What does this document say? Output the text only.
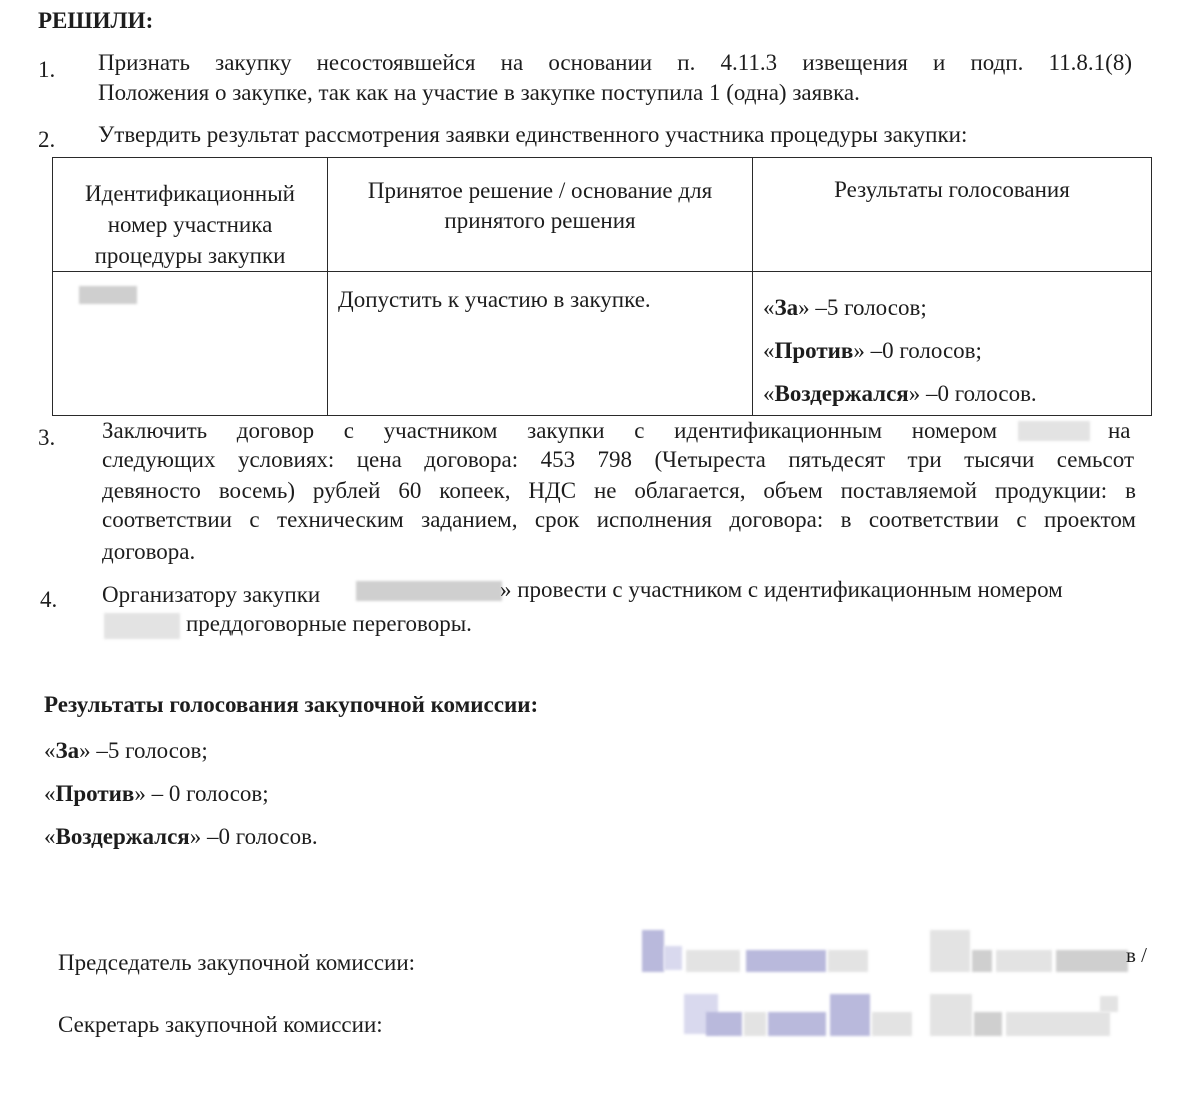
РЕШИЛИ:
1. Признать закупку несостоявшейся на основании п. 4.11.3 извещения и подп. 11.8.1(8)
Положения о закупке, так как на участие в закупке поступила 1 (одна) заявка.
2. Утвердить результат рассмотрения заявки единственного участника процедуры закупки:
Идентификационный номер участника процедуры закупки	Принятое решение / основание для принятого решения	Результаты голосования

	Допустить к участию в закупке.	«За» –5 голосов;
«Против» –0 голосов;
«Воздержался» –0 голосов.
3. Заключить договор с участником закупки с идентификационным номером	на
следующих условиях: цена договора: 453 798 (Четыреста пятьдесят три тысячи семьсот
девяносто восемь) рублей 60 копеек, НДС не облагается, объем поставляемой продукции: в
соответствии с техническим заданием, срок исполнения договора: в соответствии с проектом
договора.
4. Организатору закупки	» провести с участником с идентификационным номером
преддоговорные переговоры.
Результаты голосования закупочной комиссии:
«За» –5 голосов;
«Против» – 0 голосов;
«Воздержался» –0 голосов.
Председатель закупочной комиссии:
Секретарь закупочной комиссии:
в /
